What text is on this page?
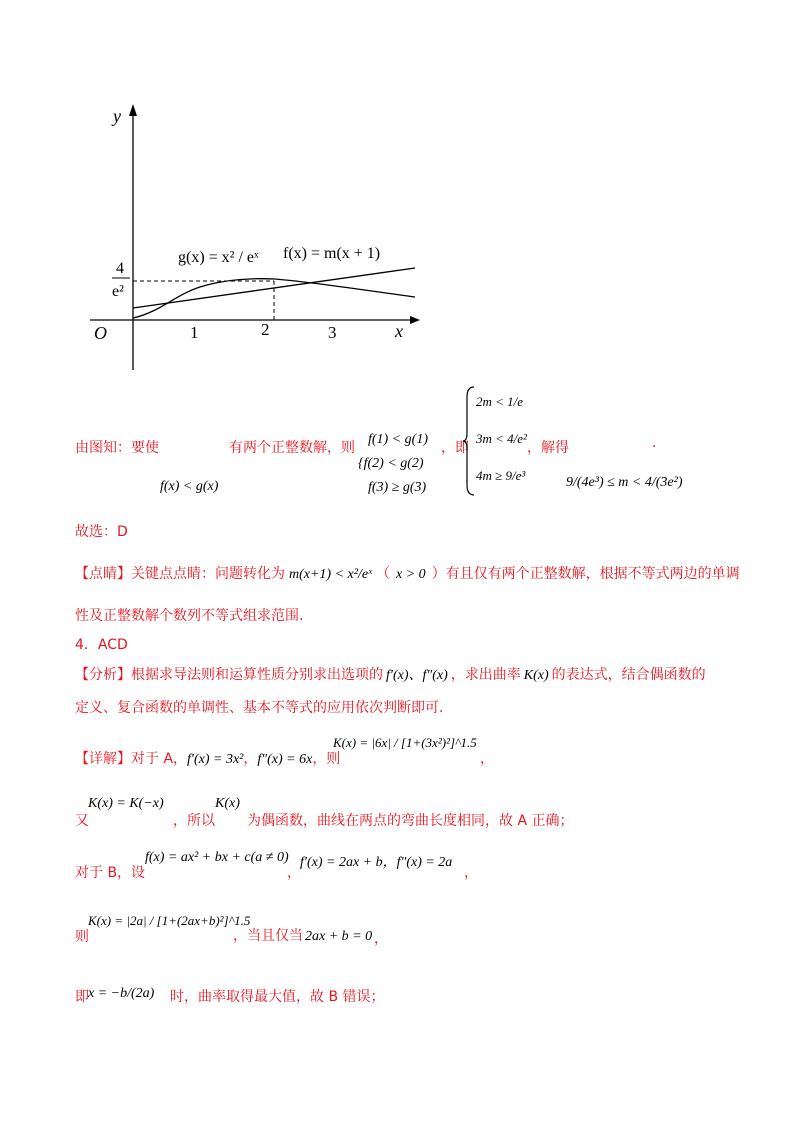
y
x
O	1	2	3
4
e²
g(x) = x² / eˣ f(x) = m(x + 1)
由图知：要使
f(x) < g(x)
有两个正整数解，则
f(1) < g(1)
{f(2) < g(2)
f(3) ≥ g(3)
，即
2m < 1/e
3m < 4/e²
4m ≥ 9/e³
，解得
9/(4e³) ≤ m < 4/(3e²)
.
故选：D
【点睛】关键点点睛：问题转化为 m(x+1) < x²/eˣ （ x > 0 ）有且仅有两个正整数解，根据不等式两边的单调
性及正整数解个数列不等式组求范围.
4．ACD
【分析】根据求导法则和运算性质分别求出选项的 f′(x)、f″(x) ，求出曲率 K(x) 的表达式，结合偶函数的
定义、复合函数的单调性、基本不等式的应用依次判断即可.
【详解】对于 A，f′(x) = 3x²，f″(x) = 6x，则
K(x) = |6x| / [1+(3x²)²]^1.5
，
又
K(x) = K(−x)
，所以
K(x)
为偶函数，曲线在两点的弯曲长度相同，故 A 正确；
对于 B，设
f(x) = ax² + bx + c(a ≠ 0)
，
f′(x) = 2ax + b，f″(x) = 2a
，
则
K(x) = |2a| / [1+(2ax+b)²]^1.5
，当且仅当 2ax + b = 0 ，
即 x = −b/(2a) 时，曲率取得最大值，故 B 错误；
